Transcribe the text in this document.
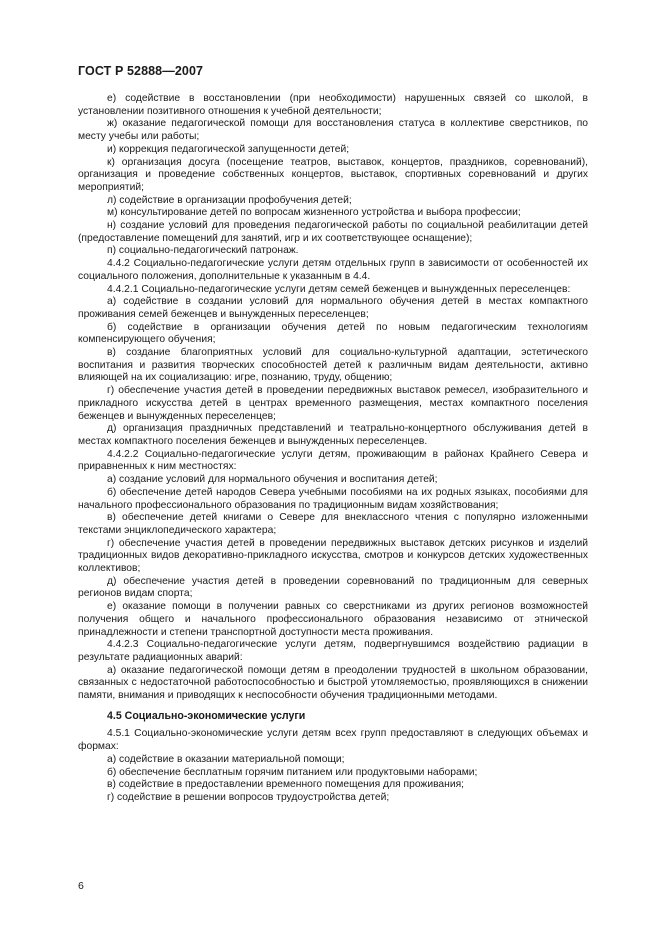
ГОСТ Р 52888—2007

е) содействие в восстановлении (при необходимости) нарушенных связей со школой, в установлении позитивного отношения к учебной деятельности;

ж) оказание педагогической помощи для восстановления статуса в коллективе сверстников, по месту учебы или работы;

и) коррекция педагогической запущенности детей;

к) организация досуга (посещение театров, выставок, концертов, праздников, соревнований), организация и проведение собственных концертов, выставок, спортивных соревнований и других мероприятий;

л) содействие в организации профобучения детей;

м) консультирование детей по вопросам жизненного устройства и выбора профессии;

н) создание условий для проведения педагогической работы по социальной реабилитации детей (предоставление помещений для занятий, игр и их соответствующее оснащение);

п) социально-педагогический патронаж.

4.4.2 Социально-педагогические услуги детям отдельных групп в зависимости от особенностей их социального положения, дополнительные к указанным в 4.4.

4.4.2.1 Социально-педагогические услуги детям семей беженцев и вынужденных переселенцев:

а) содействие в создании условий для нормального обучения детей в местах компактного проживания семей беженцев и вынужденных переселенцев;

б) содействие в организации обучения детей по новым педагогическим технологиям компенсирующего обучения;

в) создание благоприятных условий для социально-культурной адаптации, эстетического воспитания и развития творческих способностей детей к различным видам деятельности, активно влияющей на их социализацию: игре, познанию, труду, общению;

г) обеспечение участия детей в проведении передвижных выставок ремесел, изобразительного и прикладного искусства детей в центрах временного размещения, местах компактного поселения беженцев и вынужденных переселенцев;

д) организация праздничных представлений и театрально-концертного обслуживания детей в местах компактного поселения беженцев и вынужденных переселенцев.

4.4.2.2 Социально-педагогические услуги детям, проживающим в районах Крайнего Севера и приравненных к ним местностях:

а) создание условий для нормального обучения и воспитания детей;

б) обеспечение детей народов Севера учебными пособиями на их родных языках, пособиями для начального профессионального образования по традиционным видам хозяйствования;

в) обеспечение детей книгами о Севере для внеклассного чтения с популярно изложенными текстами энциклопедического характера;

г) обеспечение участия детей в проведении передвижных выставок детских рисунков и изделий традиционных видов декоративно-прикладного искусства, смотров и конкурсов детских художественных коллективов;

д) обеспечение участия детей в проведении соревнований по традиционным для северных регионов видам спорта;

е) оказание помощи в получении равных со сверстниками из других регионов возможностей получения общего и начального профессионального образования независимо от этнической принадлежности и степени транспортной доступности места проживания.

4.4.2.3 Социально-педагогические услуги детям, подвергнувшимся воздействию радиации в результате радиационных аварий:

а) оказание педагогической помощи детям в преодолении трудностей в школьном образовании, связанных с недостаточной работоспособностью и быстрой утомляемостью, проявляющихся в снижении памяти, внимания и приводящих к неспособности обучения традиционными методами.

4.5 Социально-экономические услуги

4.5.1 Социально-экономические услуги детям всех групп предоставляют в следующих объемах и формах:

а) содействие в оказании материальной помощи;

б) обеспечение бесплатным горячим питанием или продуктовыми наборами;

в) содействие в предоставлении временного помещения для проживания;

г) содействие в решении вопросов трудоустройства детей;

6
